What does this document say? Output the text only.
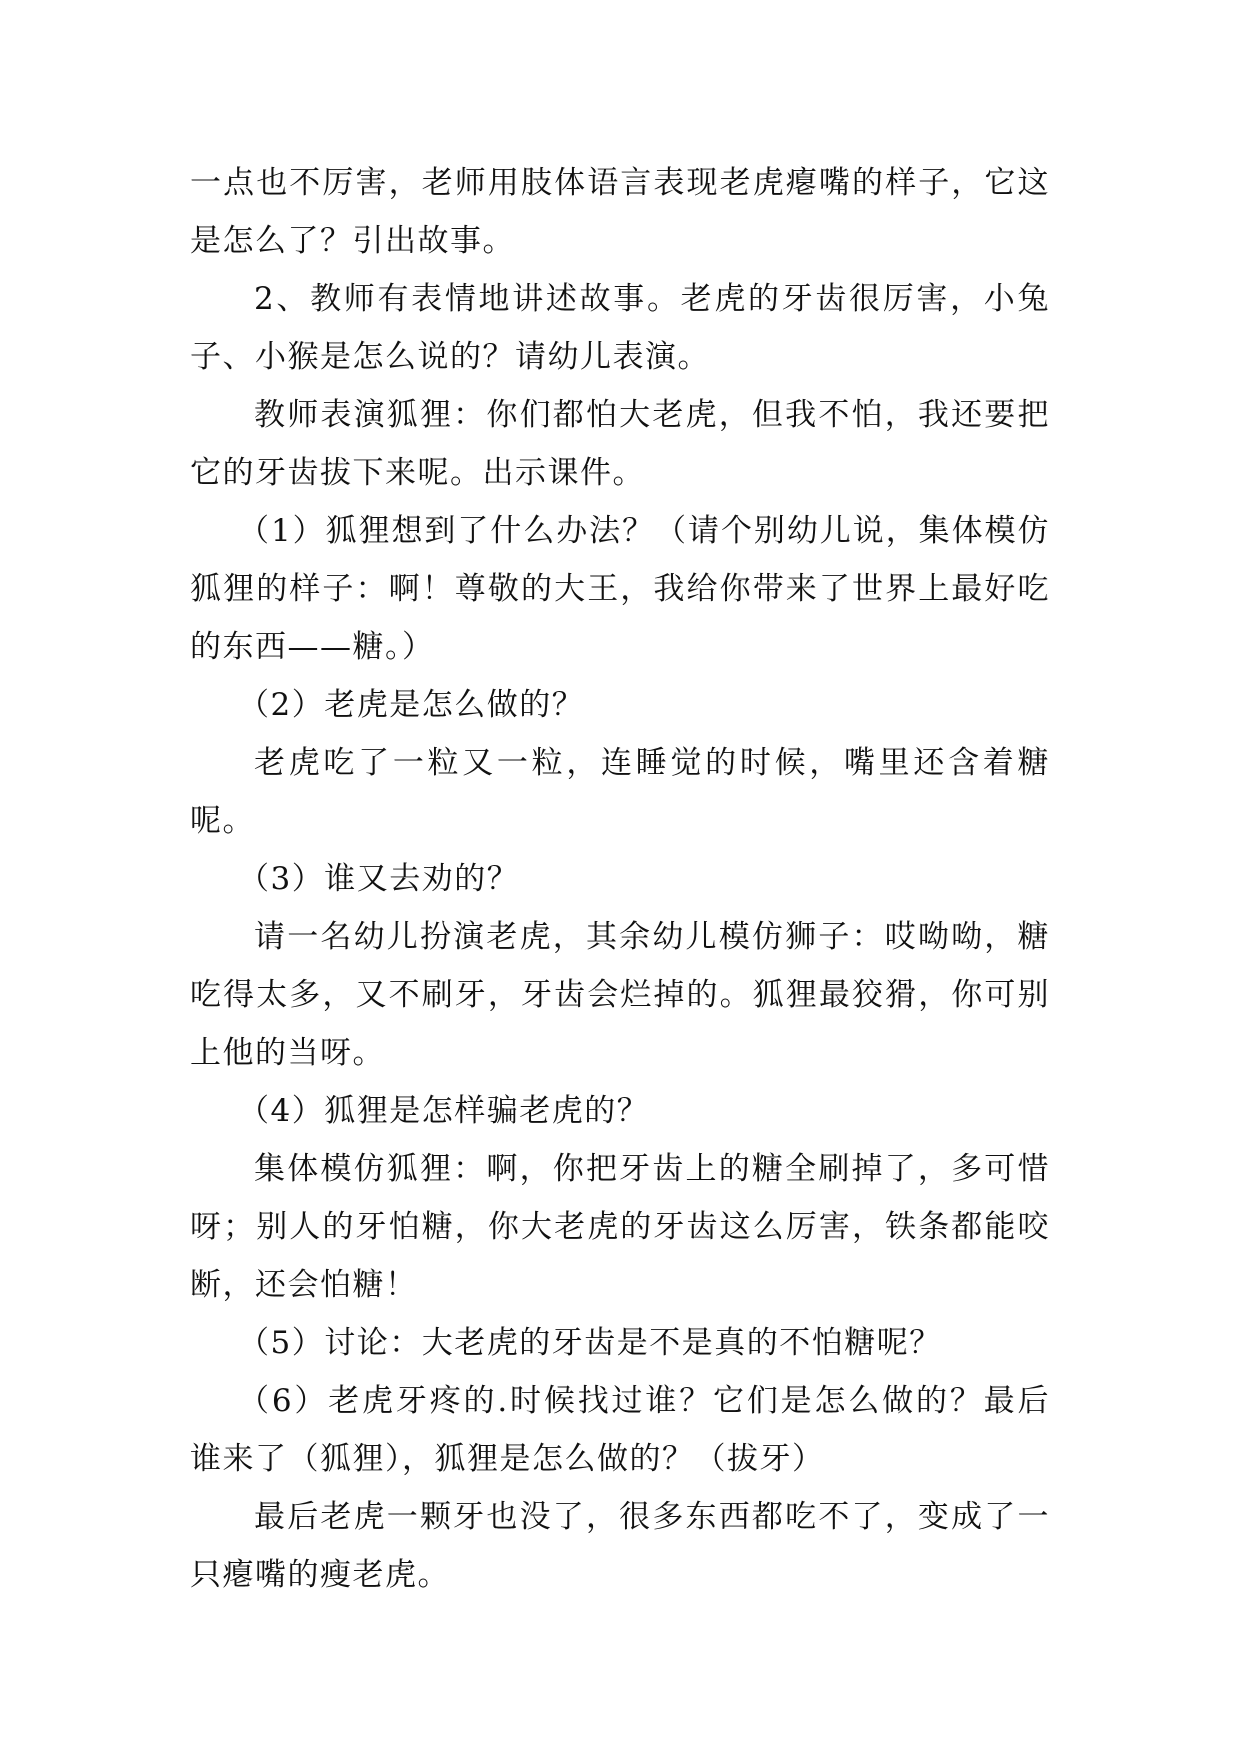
一点也不厉害，老师用肢体语言表现老虎瘪嘴的样子，它这是怎么了？引出故事。

2、教师有表情地讲述故事。老虎的牙齿很厉害，小兔子、小猴是怎么说的？请幼儿表演。

教师表演狐狸：你们都怕大老虎，但我不怕，我还要把它的牙齿拔下来呢。出示课件。

（1）狐狸想到了什么办法？（请个别幼儿说，集体模仿狐狸的样子：啊！尊敬的大王，我给你带来了世界上最好吃的东西——糖。）

（2）老虎是怎么做的？

老虎吃了一粒又一粒，连睡觉的时候，嘴里还含着糖呢。

（3）谁又去劝的？

请一名幼儿扮演老虎，其余幼儿模仿狮子：哎呦呦，糖吃得太多，又不刷牙，牙齿会烂掉的。狐狸最狡猾，你可别上他的当呀。

（4）狐狸是怎样骗老虎的？

集体模仿狐狸：啊，你把牙齿上的糖全刷掉了，多可惜呀；别人的牙怕糖，你大老虎的牙齿这么厉害，铁条都能咬断，还会怕糖！

（5）讨论：大老虎的牙齿是不是真的不怕糖呢？

（6）老虎牙疼的.时候找过谁？它们是怎么做的？最后谁来了（狐狸），狐狸是怎么做的？（拔牙）

最后老虎一颗牙也没了，很多东西都吃不了，变成了一只瘪嘴的瘦老虎。
